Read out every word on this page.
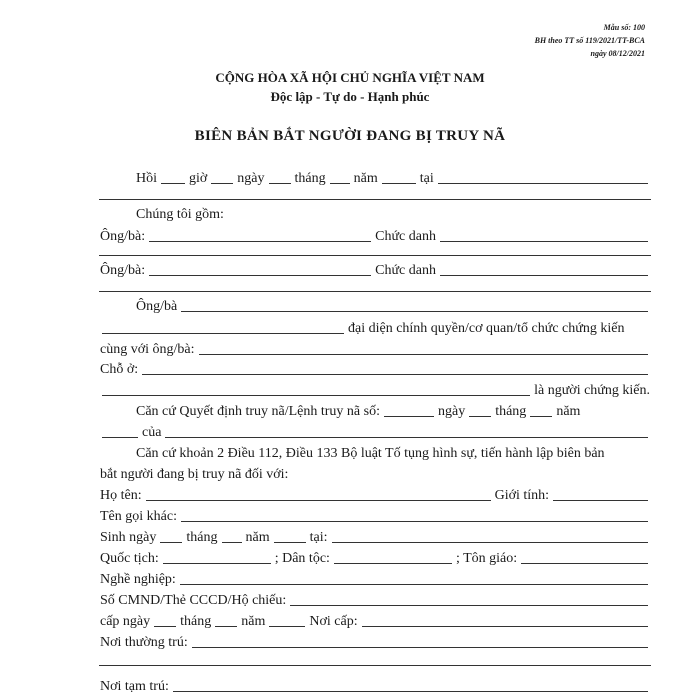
Mẫu số: 100
BH theo TT số 119/2021/TT-BCA
ngày 08/12/2021
CỘNG HÒA XÃ HỘI CHỦ NGHĨA VIỆT NAM
Độc lập - Tự do - Hạnh phúc
BIÊN BẢN BẮT NGƯỜI ĐANG BỊ TRUY NÃ
Hồi giờ ngày tháng năm	tại
Chúng tôi gồm:
Ông/bà:	Chức danh
Ông/bà:	Chức danh
Ông/bà
đại diện chính quyền/cơ quan/tổ chức chứng kiến
cùng với ông/bà:
Chỗ ở:
là người chứng kiến.
Căn cứ Quyết định truy nã/Lệnh truy nã số:	ngày tháng năm
của
Căn cứ khoản 2 Điều 112, Điều 133 Bộ luật Tố tụng hình sự, tiến hành lập biên bản
bắt người đang bị truy nã đối với:
Họ tên:	Giới tính:
Tên gọi khác:
Sinh ngày tháng năm	tại:
Quốc tịch:	; Dân tộc:	; Tôn giáo:
Nghề nghiệp:
Số CMND/Thẻ CCCD/Hộ chiếu:
cấp ngày tháng năm	Nơi cấp:
Nơi thường trú:
Nơi tạm trú:
